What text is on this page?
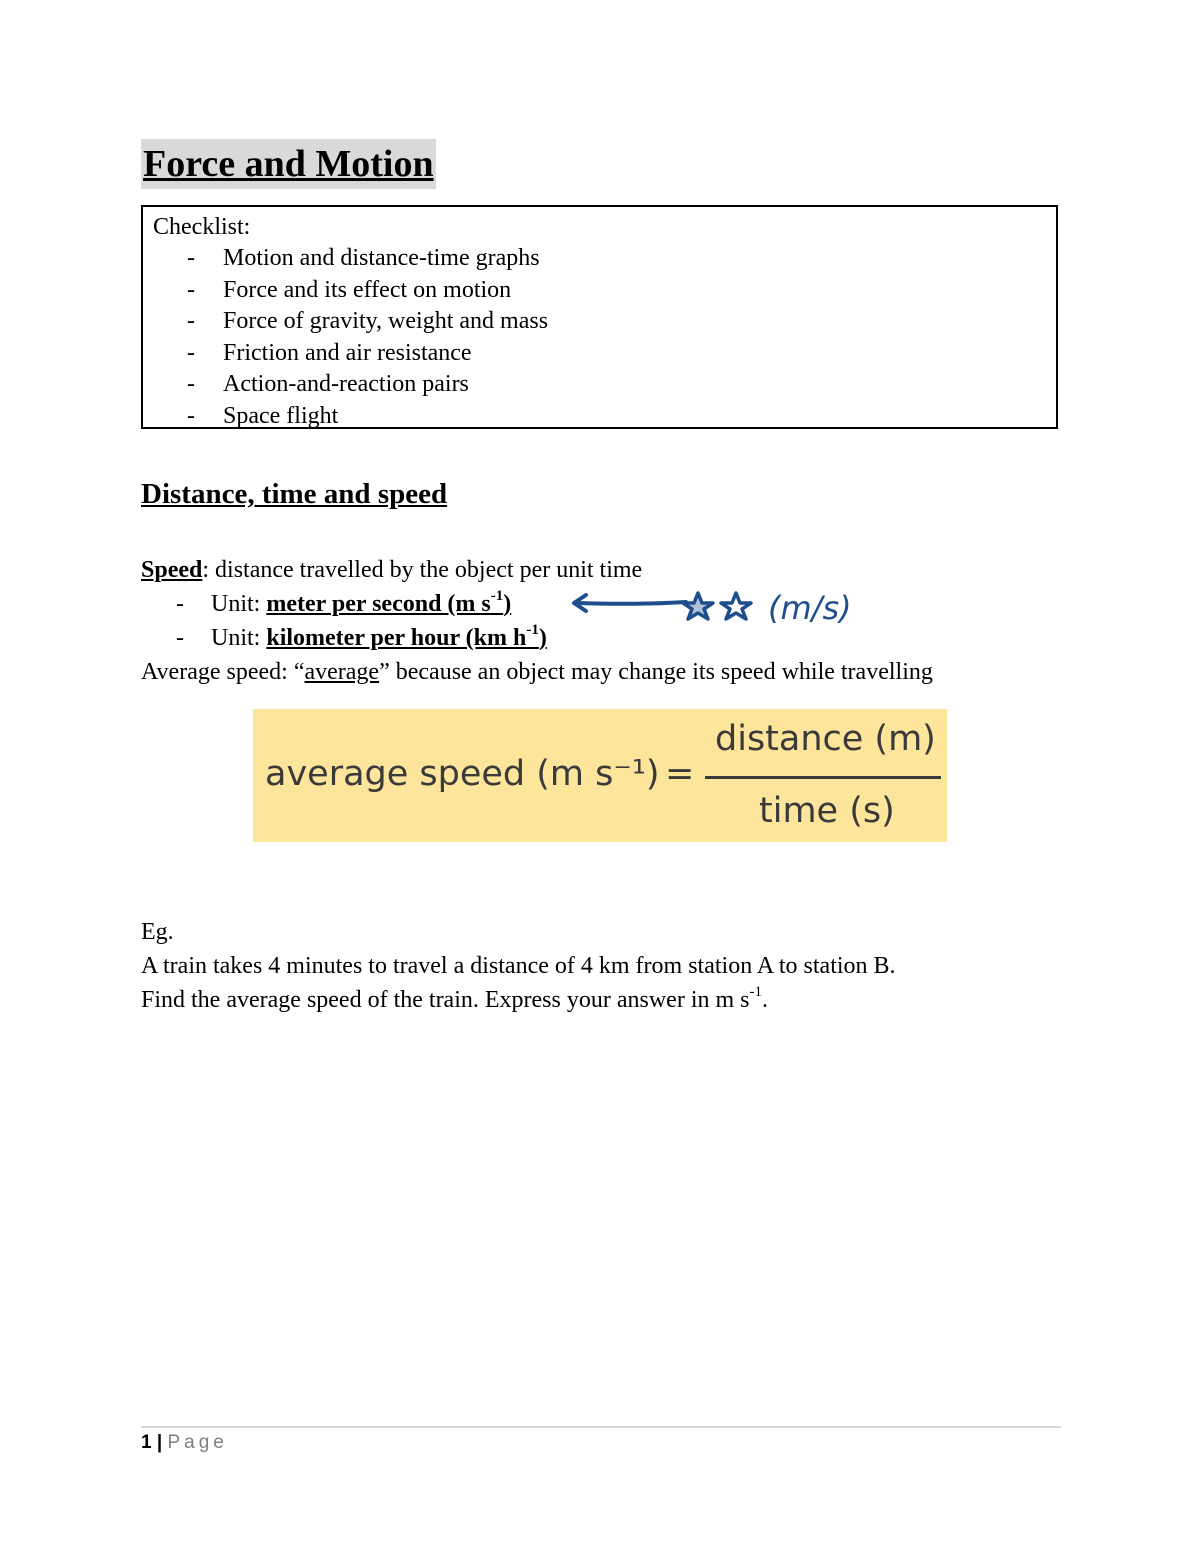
Force and Motion
Checklist:
- Motion and distance-time graphs
- Force and its effect on motion
- Force of gravity, weight and mass
- Friction and air resistance
- Action-and-reaction pairs
- Space flight
Distance, time and speed
Speed: distance travelled by the object per unit time
- Unit: meter per second (m $s^{-1}$)
- Unit: kilometer per hour (km $h^{-1}$)
Average speed: “average” because an object may change its speed while travelling
(m/s)
average speed (m s⁻¹) =
distance (m)
time (s)
Eg.
A train takes 4 minutes to travel a distance of 4 km from station A to station B.
Find the average speed of the train. Express your answer in m $s^{-1}$.
1 | Page
